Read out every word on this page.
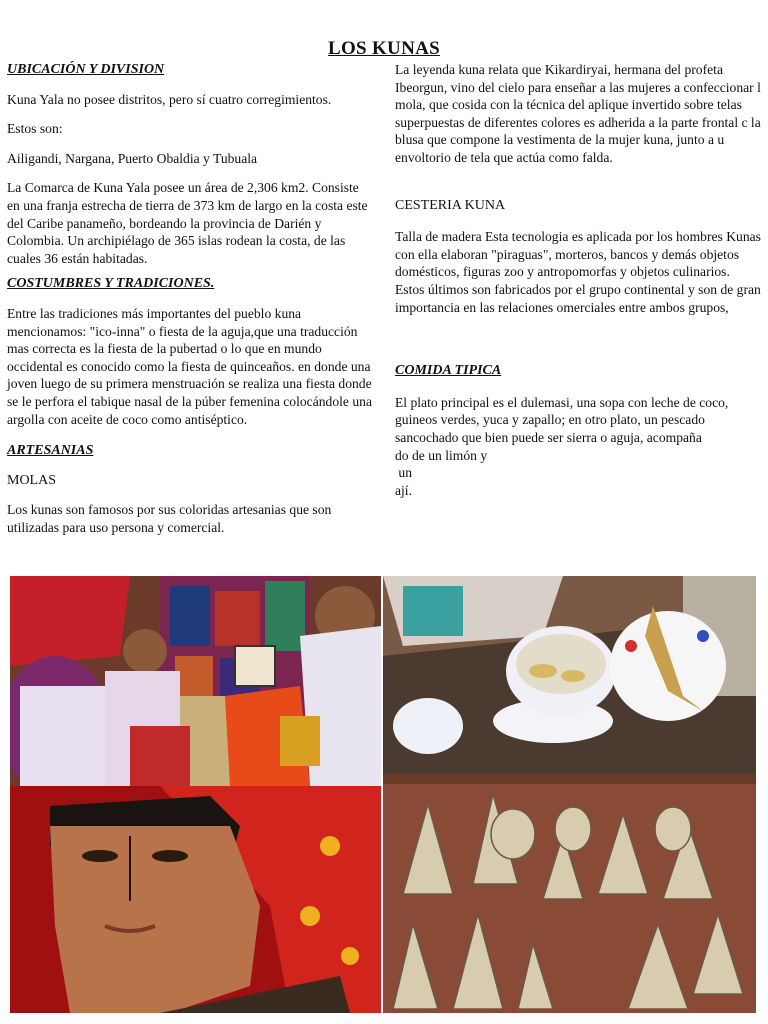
LOS KUNAS

UBICACIÓN Y DIVISION

Kuna Yala no posee distritos, pero sí cuatro corregimientos.

Estos son:

Ailigandi, Nargana, Puerto Obaldia y Tubuala

La Comarca de Kuna Yala posee un área de 2,306 km2. Consiste en una franja estrecha de tierra de 373 km de largo en la costa este del Caribe panameño, bordeando la provincia de Darién y Colombia. Un archipiélago de 365 islas rodean la costa, de las cuales 36 están habitadas.

COSTUMBRES Y TRADICIONES.

Entre las tradiciones más importantes del pueblo kuna mencionamos: "ico-inna" o fiesta de la aguja,que una traducción mas correcta es la fiesta de la pubertad o lo que en mundo occidental es conocido como la fiesta de quinceaños. en donde una joven luego de su primera menstruación se realiza una fiesta donde se le perfora el tabique nasal de la púber femenina colocándole una argolla con aceite de coco como antiséptico.

ARTESANIAS

MOLAS

Los kunas son famosos por sus coloridas artesanias que son utilizadas para uso persona y comercial.

La leyenda kuna relata que Kikardiryai, hermana del profeta Ibeorgun, vino del cielo para enseñar a las mujeres a confeccionar l mola, que cosida con la técnica del aplique invertido sobre telas superpuestas de diferentes colores es adherida a la parte frontal c la blusa que compone la vestimenta de la mujer kuna, junto a u envoltorio de tela que actúa como falda.

CESTERIA KUNA

Talla de madera Esta tecnologia es aplicada por los hombres Kunas con ella elaboran "piraguas", morteros, bancos y demás objetos domésticos, figuras zoo y antropomorfas y objetos culinarios. Estos últimos son fabricados por el grupo continental y son de gran importancia en las relaciones omerciales entre ambos grupos,

COMIDA TIPICA

El plato principal es el dulemasi, una sopa con leche de coco, guineos verdes, yuca y zapallo; en otro plato, un pescado sancochado que bien puede ser sierra o aguja, acompaña

do de un limón y

un

ají.
